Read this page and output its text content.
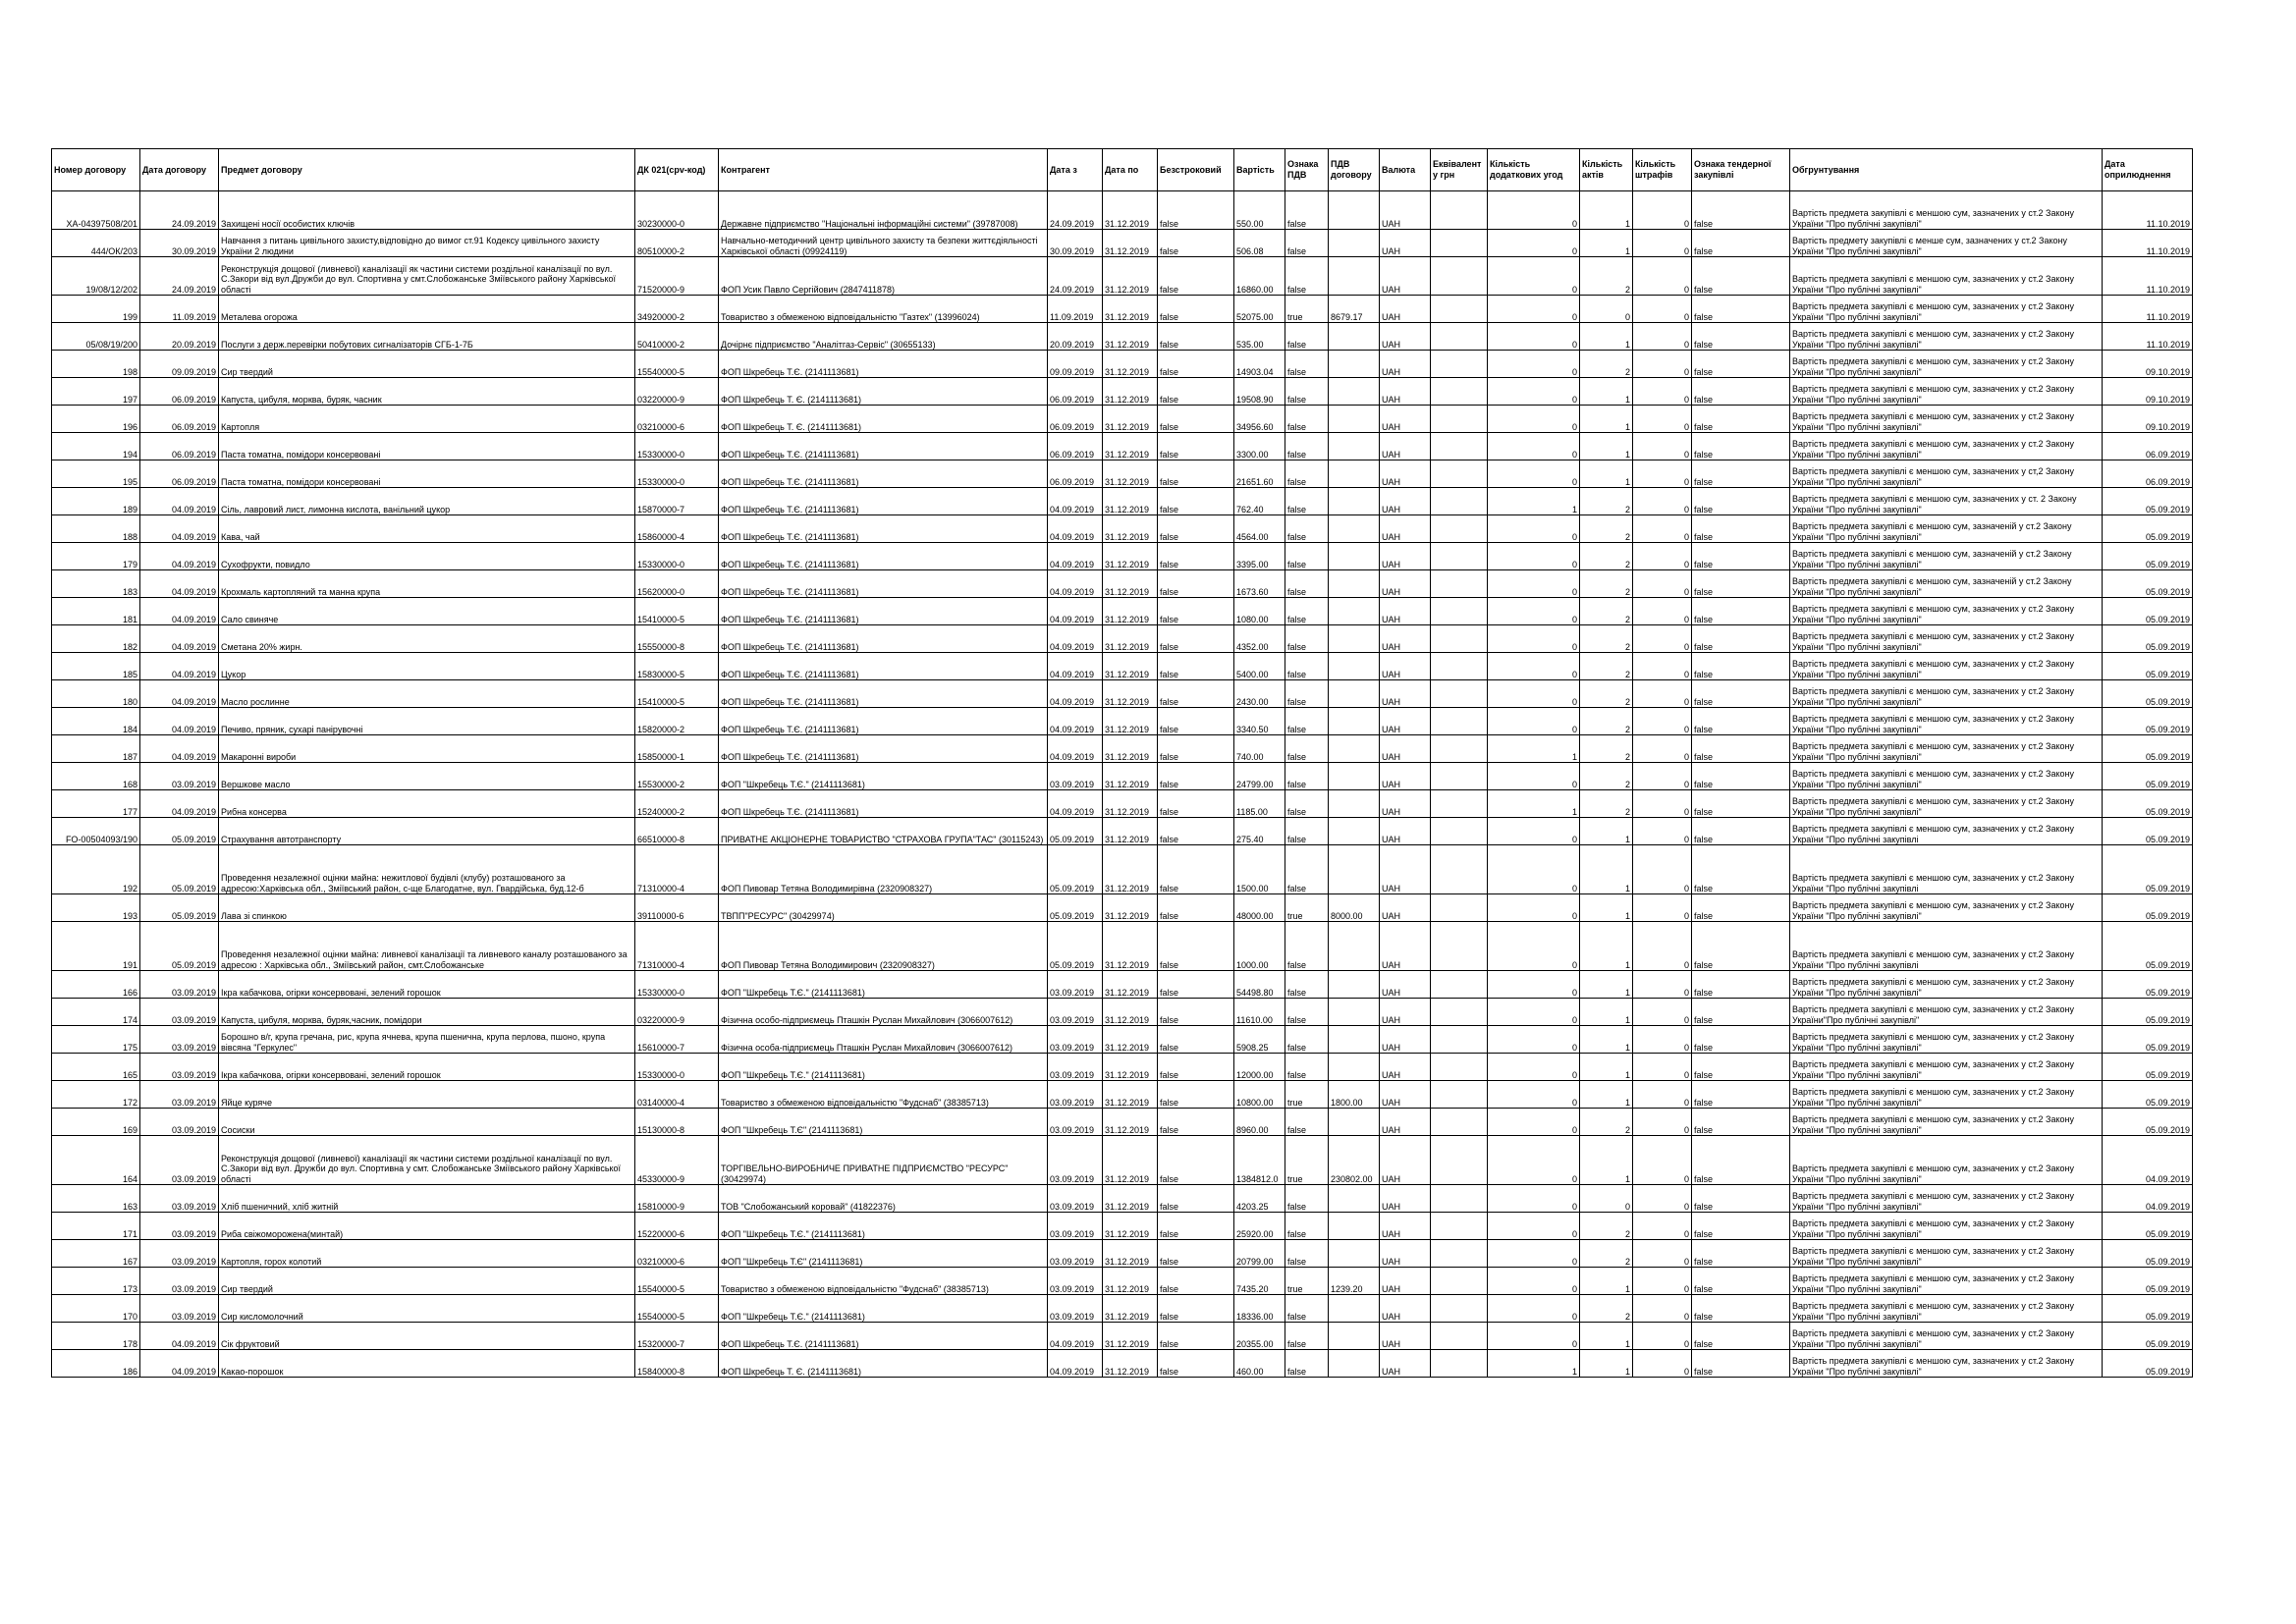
Номер договору	Дата договору	Предмет договору	ДК 021(cpv-код)	Контрагент	Дата з	Дата по	Безстроковий	Вартість	Ознака ПДВ	ПДВ договору	Валюта	Еквівалент у грн	Кількість додаткових угод	Кількість актів	Кількість штрафів	Ознака тендерної закупівлі	Обгрунтування	Дата оприлюднення
ХА-04397508/201	24.09.2019	Захищені носії особистих ключів	30230000-0	Державне підприємство "Національні інформаційні системи" (39787008)	24.09.2019	31.12.2019	false	550.00	false		UAH		0	1	0	false	Вартість предмета закупівлі є меншою сум, зазначених у ст.2 Закону України "Про публічні закупівлі"	11.10.2019
444/ОК/203	30.09.2019	Навчання з питань цивільного захисту,відповідно до вимог ст.91 Кодексу цивільного захисту України 2 людини	80510000-2	Навчально-методичний центр цивільного захисту та безпеки життєдіяльності Харківської області (09924119)	30.09.2019	31.12.2019	false	506.08	false		UAH		0	1	0	false	Вартість предмету закупівлі є менше сум, зазначених у ст.2 Закону України "Про публічні закупівлі"	11.10.2019
19/08/12/202	24.09.2019	Реконструкція дощової (ливневої) каналізації як частини системи роздільної каналізації по вул. С.Закори від вул.Дружби до вул. Спортивна у смт.Слобожанське Зміївського району Харківської області	71520000-9	ФОП Усик Павло Сергійович (2847411878)	24.09.2019	31.12.2019	false	16860.00	false		UAH		0	2	0	false	Вартість предмета закупівлі є меншою сум, зазначених у ст.2 Закону України "Про публічні закупівлі"	11.10.2019
199	11.09.2019	Металева огорожа	34920000-2	Товариство з обмеженою відповідальністю "Газтех" (13996024)	11.09.2019	31.12.2019	false	52075.00	true	8679.17	UAH		0	0	0	false	Вартість предмета закупівлі є меншою сум, зазначених у ст.2 Закону України "Про публічні закупівлі"	11.10.2019
05/08/19/200	20.09.2019	Послуги з держ.перевірки побутових сигналізаторів СГБ-1-7Б	50410000-2	Дочірнє підприємство "Аналітгаз-Сервіс" (30655133)	20.09.2019	31.12.2019	false	535.00	false		UAH		0	1	0	false	Вартість предмета закупівлі є меншою сум, зазначених у ст.2 Закону України "Про публічні закупівлі"	11.10.2019
198	09.09.2019	Сир твердий	15540000-5	ФОП Шкребець Т.Є. (2141113681)	09.09.2019	31.12.2019	false	14903.04	false		UAH		0	2	0	false	Вартість предмета закупівлі є меншою сум, зазначених у ст.2 Закону України "Про публічні закупівлі"	09.10.2019
197	06.09.2019	Капуста, цибуля, морква, буряк, часник	03220000-9	ФОП Шкребець Т. Є. (2141113681)	06.09.2019	31.12.2019	false	19508.90	false		UAH		0	1	0	false	Вартість предмета закупівлі є меншою сум, зазначених у ст.2 Закону України "Про публічні закупівлі"	09.10.2019
196	06.09.2019	Картопля	03210000-6	ФОП Шкребець Т. Є. (2141113681)	06.09.2019	31.12.2019	false	34956.60	false		UAH		0	1	0	false	Вартість предмета закупівлі є меншою сум, зазначених у ст.2 Закону України "Про публічні закупівлі"	09.10.2019
194	06.09.2019	Паста томатна, помідори консервовані	15330000-0	ФОП Шкребець Т.Є. (2141113681)	06.09.2019	31.12.2019	false	3300.00	false		UAH		0	1	0	false	Вартість предмета закупівлі є меншою сум, зазначених у ст.2 Закону України "Про публічні закупівлі"	06.09.2019
195	06.09.2019	Паста томатна, помідори консервовані	15330000-0	ФОП Шкребець Т.Є. (2141113681)	06.09.2019	31.12.2019	false	21651.60	false		UAH		0	1	0	false	Вартість предмета закупівлі є меншою сум, зазначених у ст,2 Закону України "Про публічні закупівлі"	06.09.2019
189	04.09.2019	Сіль, лавровий лист, лимонна кислота, ванільний цукор	15870000-7	ФОП Шкребець Т.Є. (2141113681)	04.09.2019	31.12.2019	false	762.40	false		UAH		1	2	0	false	Вартість предмета закупівлі є меншою сум, зазначених у ст. 2 Закону України "Про публічні закупівлі"	05.09.2019
188	04.09.2019	Кава, чай	15860000-4	ФОП Шкребець Т.Є. (2141113681)	04.09.2019	31.12.2019	false	4564.00	false		UAH		0	2	0	false	Вартість предмета закупівлі є меншою сум, зазначеній у ст.2 Закону України "Про публічні закупівлі"	05.09.2019
179	04.09.2019	Сухофрукти, повидло	15330000-0	ФОП Шкребець Т.Є. (2141113681)	04.09.2019	31.12.2019	false	3395.00	false		UAH		0	2	0	false	Вартість предмета закупівлі є меншою сум, зазначеній у ст.2 Закону України "Про публічні закупівлі"	05.09.2019
183	04.09.2019	Крохмаль картопляний та манна крупа	15620000-0	ФОП Шкребець Т.Є. (2141113681)	04.09.2019	31.12.2019	false	1673.60	false		UAH		0	2	0	false	Вартість предмета закупівлі є меншою сум, зазначеній у ст.2 Закону України "Про публічні закупівлі"	05.09.2019
181	04.09.2019	Сало свиняче	15410000-5	ФОП Шкребець Т.Є. (2141113681)	04.09.2019	31.12.2019	false	1080.00	false		UAH		0	2	0	false	Вартість предмета закупівлі є меншою сум, зазначених у ст.2 Закону України "Про публічні закупівлі"	05.09.2019
182	04.09.2019	Сметана 20% жирн.	15550000-8	ФОП Шкребець Т.Є. (2141113681)	04.09.2019	31.12.2019	false	4352.00	false		UAH		0	2	0	false	Вартість предмета закупівлі є меншою сум, зазначених у ст.2 Закону України "Про публічні закупівлі"	05.09.2019
185	04.09.2019	Цукор	15830000-5	ФОП Шкребець Т.Є. (2141113681)	04.09.2019	31.12.2019	false	5400.00	false		UAH		0	2	0	false	Вартість предмета закупівлі є меншою сум, зазначених у ст.2 Закону України "Про публічні закупівлі"	05.09.2019
180	04.09.2019	Масло рослинне	15410000-5	ФОП Шкребець Т.Є. (2141113681)	04.09.2019	31.12.2019	false	2430.00	false		UAH		0	2	0	false	Вартість предмета закупівлі є меншою сум, зазначених у ст.2 Закону України "Про публічні закупівлі"	05.09.2019
184	04.09.2019	Печиво, пряник, сухарі панірувочні	15820000-2	ФОП Шкребець Т.Є. (2141113681)	04.09.2019	31.12.2019	false	3340.50	false		UAH		0	2	0	false	Вартість предмета закупівлі є меншою сум, зазначених у ст.2 Закону України "Про публічні закупівлі"	05.09.2019
187	04.09.2019	Макаронні вироби	15850000-1	ФОП Шкребець Т.Є. (2141113681)	04.09.2019	31.12.2019	false	740.00	false		UAH		1	2	0	false	Вартість предмета закупівлі є меншою сум, зазначених у ст.2 Закону України "Про публічні закупівлі"	05.09.2019
168	03.09.2019	Вершкове масло	15530000-2	ФОП "Шкребець Т.Є." (2141113681)	03.09.2019	31.12.2019	false	24799.00	false		UAH		0	2	0	false	Вартість предмета закупівлі є меншою сум, зазначених у ст.2 Закону України "Про публічні закупівлі"	05.09.2019
177	04.09.2019	Рибна консерва	15240000-2	ФОП Шкребець Т.Є. (2141113681)	04.09.2019	31.12.2019	false	1185.00	false		UAH		1	2	0	false	Вартість предмета закупівлі є меншою сум, зазначених у ст.2 Закону України "Про публічні закупівлі"	05.09.2019
FO-00504093/190	05.09.2019	Страхування автотранспорту	66510000-8	ПРИВАТНЕ АКЦІОНЕРНЕ ТОВАРИСТВО "СТРАХОВА ГРУПА"ТАС" (30115243)	05.09.2019	31.12.2019	false	275.40	false		UAH		0	1	0	false	Вартість предмета закупівлі є меншою сум, зазначених у ст.2 Закону України "Про публічні закупівлі	05.09.2019
192	05.09.2019	Проведення незалежної оцінки майна: нежитлової будівлі (клубу) розташованого за адресою:Харківська обл., Зміївський район, с-ще Благодатне, вул. Гвардійська, буд.12-б	71310000-4	ФОП Пивовар Тетяна Володимирівна (2320908327)	05.09.2019	31.12.2019	false	1500.00	false		UAH		0	1	0	false	Вартість предмета закупівлі є меншою сум, зазначених у ст.2 Закону України "Про публічні закупівлі	05.09.2019
193	05.09.2019	Лава зі спинкою	39110000-6	ТВПП"РЕСУРС" (30429974)	05.09.2019	31.12.2019	false	48000.00	true	8000.00	UAH		0	1	0	false	Вартість предмета закупівлі є меншою сум, зазначених у ст.2 Закону України "Про публічні закупівлі"	05.09.2019
191	05.09.2019	Проведення незалежної оцінки майна: ливневої каналізації та ливневого каналу розташованого за адресою : Харківська обл., Зміївський район, смт.Слобожанське	71310000-4	ФОП Пивовар Тетяна Володимирович (2320908327)	05.09.2019	31.12.2019	false	1000.00	false		UAH		0	1	0	false	Вартість предмета закупівлі є меншою сум, зазначених у ст.2 Закону України "Про публічні закупівлі	05.09.2019
166	03.09.2019	Ікра кабачкова, огірки консервовані, зелений горошок	15330000-0	ФОП "Шкребець Т.Є." (2141113681)	03.09.2019	31.12.2019	false	54498.80	false		UAH		0	1	0	false	Вартість предмета закупівлі є меншою сум, зазначених у ст.2 Закону України "Про публічні закупівлі"	05.09.2019
174	03.09.2019	Капуста, цибуля, морква, буряк,часник, помідори	03220000-9	Фізична особо-підприємець Пташкін Руслан Михайлович (3066007612)	03.09.2019	31.12.2019	false	11610.00	false		UAH		0	1	0	false	Вартість предмета закупівлі є меншою сум, зазначених у ст.2 Закону України"Про публічні закупівлі"	05.09.2019
175	03.09.2019	Борошно в/г, крупа гречана, рис, крупа ячнева, крупа пшенична, крупа перлова, пшоно, крупа вівсяна "Геркулес"	15610000-7	Фізична особа-підприємець Пташкін Руслан Михайлович (3066007612)	03.09.2019	31.12.2019	false	5908.25	false		UAH		0	1	0	false	Вартість предмета закупівлі є меншою сум, зазначених у ст.2 Закону України "Про публічні закупівлі"	05.09.2019
165	03.09.2019	Ікра кабачкова, огірки консервовані, зелений горошок	15330000-0	ФОП "Шкребець Т.Є." (2141113681)	03.09.2019	31.12.2019	false	12000.00	false		UAH		0	1	0	false	Вартість предмета закупівлі є меншою сум, зазначених у ст.2 Закону України "Про публічні закупівлі"	05.09.2019
172	03.09.2019	Яйце куряче	03140000-4	Товариство з обмеженою відповідальністю "Фудснаб" (38385713)	03.09.2019	31.12.2019	false	10800.00	true	1800.00	UAH		0	1	0	false	Вартість предмета закупівлі є меншою сум, зазначених у ст.2 Закону України "Про публічні закупівлі"	05.09.2019
169	03.09.2019	Сосиски	15130000-8	ФОП "Шкребець Т.Є" (2141113681)	03.09.2019	31.12.2019	false	8960.00	false		UAH		0	2	0	false	Вартість предмета закупівлі є меншою сум, зазначених у ст.2 Закону України "Про публічні закупівлі"	05.09.2019
164	03.09.2019	Реконструкція дощової (ливневої) каналізації як частини системи роздільної каналізації по вул. С.Закори від вул. Дружби до вул. Спортивна у смт. Слобожанське Зміївського району Харківської області	45330000-9	ТОРГІВЕЛЬНО-ВИРОБНИЧЕ ПРИВАТНЕ ПІДПРИЄМСТВО "РЕСУРС" (30429974)	03.09.2019	31.12.2019	false	1384812.0	true	230802.00	UAH		0	1	0	false	Вартість предмета закупівлі є меншою сум, зазначених у ст.2 Закону України "Про публічні закупівлі"	04.09.2019
163	03.09.2019	Хліб пшеничний, хліб житній	15810000-9	ТОВ "Слобожанський коровай" (41822376)	03.09.2019	31.12.2019	false	4203.25	false		UAH		0	0	0	false	Вартість предмета закупівлі є меншою сум, зазначених у ст.2 Закону України "Про публічні закупівлі"	04.09.2019
171	03.09.2019	Риба свіжоморожена(минтай)	15220000-6	ФОП "Шкребець Т.Є." (2141113681)	03.09.2019	31.12.2019	false	25920.00	false		UAH		0	2	0	false	Вартість предмета закупівлі є меншою сум, зазначених у ст.2 Закону України "Про публічні закупівлі"	05.09.2019
167	03.09.2019	Картопля, горох колотий	03210000-6	ФОП "Шкребець Т.Є" (2141113681)	03.09.2019	31.12.2019	false	20799.00	false		UAH		0	2	0	false	Вартість предмета закупівлі є меншою сум, зазначених у ст.2 Закону України "Про публічні закупівлі"	05.09.2019
173	03.09.2019	Сир твердий	15540000-5	Товариство з обмеженою відповідальністю "Фудснаб" (38385713)	03.09.2019	31.12.2019	false	7435.20	true	1239.20	UAH		0	1	0	false	Вартість предмета закупівлі є меншою сум, зазначених у ст.2 Закону України "Про публічні закупівлі"	05.09.2019
170	03.09.2019	Сир кисломолочний	15540000-5	ФОП "Шкребець Т.Є." (2141113681)	03.09.2019	31.12.2019	false	18336.00	false		UAH		0	2	0	false	Вартість предмета закупівлі є меншою сум, зазначених у ст.2 Закону України "Про публічні закупівлі"	05.09.2019
178	04.09.2019	Сік фруктовий	15320000-7	ФОП Шкребець Т.Є. (2141113681)	04.09.2019	31.12.2019	false	20355.00	false		UAH		0	1	0	false	Вартість предмета закупівлі є меншою сум, зазначених у ст.2 Закону України "Про публічні закупівлі"	05.09.2019
186	04.09.2019	Какао-порошок	15840000-8	ФОП Шкребець Т. Є. (2141113681)	04.09.2019	31.12.2019	false	460.00	false		UAH		1	1	0	false	Вартість предмета закупівлі є меншою сум, зазначених у ст.2 Закону України "Про публічні закупівлі"	05.09.2019
